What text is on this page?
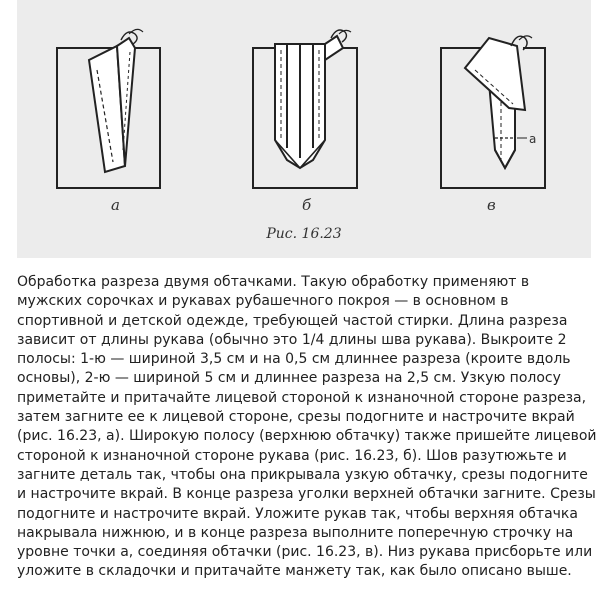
а	б	в
а
Рис. 16.23
Обработка разреза двумя обтачками. Такую обработку применяют в мужских сорочках и рукавах рубашечного покроя — в основном в спортивной и детской одежде, требующей частой стирки. Длина разреза зависит от длины рукава (обычно это 1/4 длины шва рукава). Выкроите 2 полосы: 1-ю — шириной 3,5 см и на 0,5 см длиннее разреза (кроите вдоль основы), 2-ю — шириной 5 см и длиннее разреза на 2,5 см. Узкую полосу приметайте и притачайте лицевой стороной к изнаночной стороне разреза, затем загните ее к лицевой стороне, срезы подогните и настрочите вкрай (рис. 16.23, а). Широкую полосу (верхнюю обтачку) также пришейте лицевой стороной к изнаночной стороне рукава (рис. 16.23, б). Шов разутюжьте и загните деталь так, чтобы она прикрывала узкую обтачку, срезы подогните и настрочите вкрай. В конце разреза уголки верхней обтачки загните. Срезы подогните и настрочите вкрай. Уложите рукав так, чтобы верхняя обтачка накрывала нижнюю, и в конце разреза выполните поперечную строчку на уровне точки а, соединяя обтачки (рис. 16.23, в). Низ рукава присборьте или уложите в складочки и притачайте манжету так, как было описано выше.
